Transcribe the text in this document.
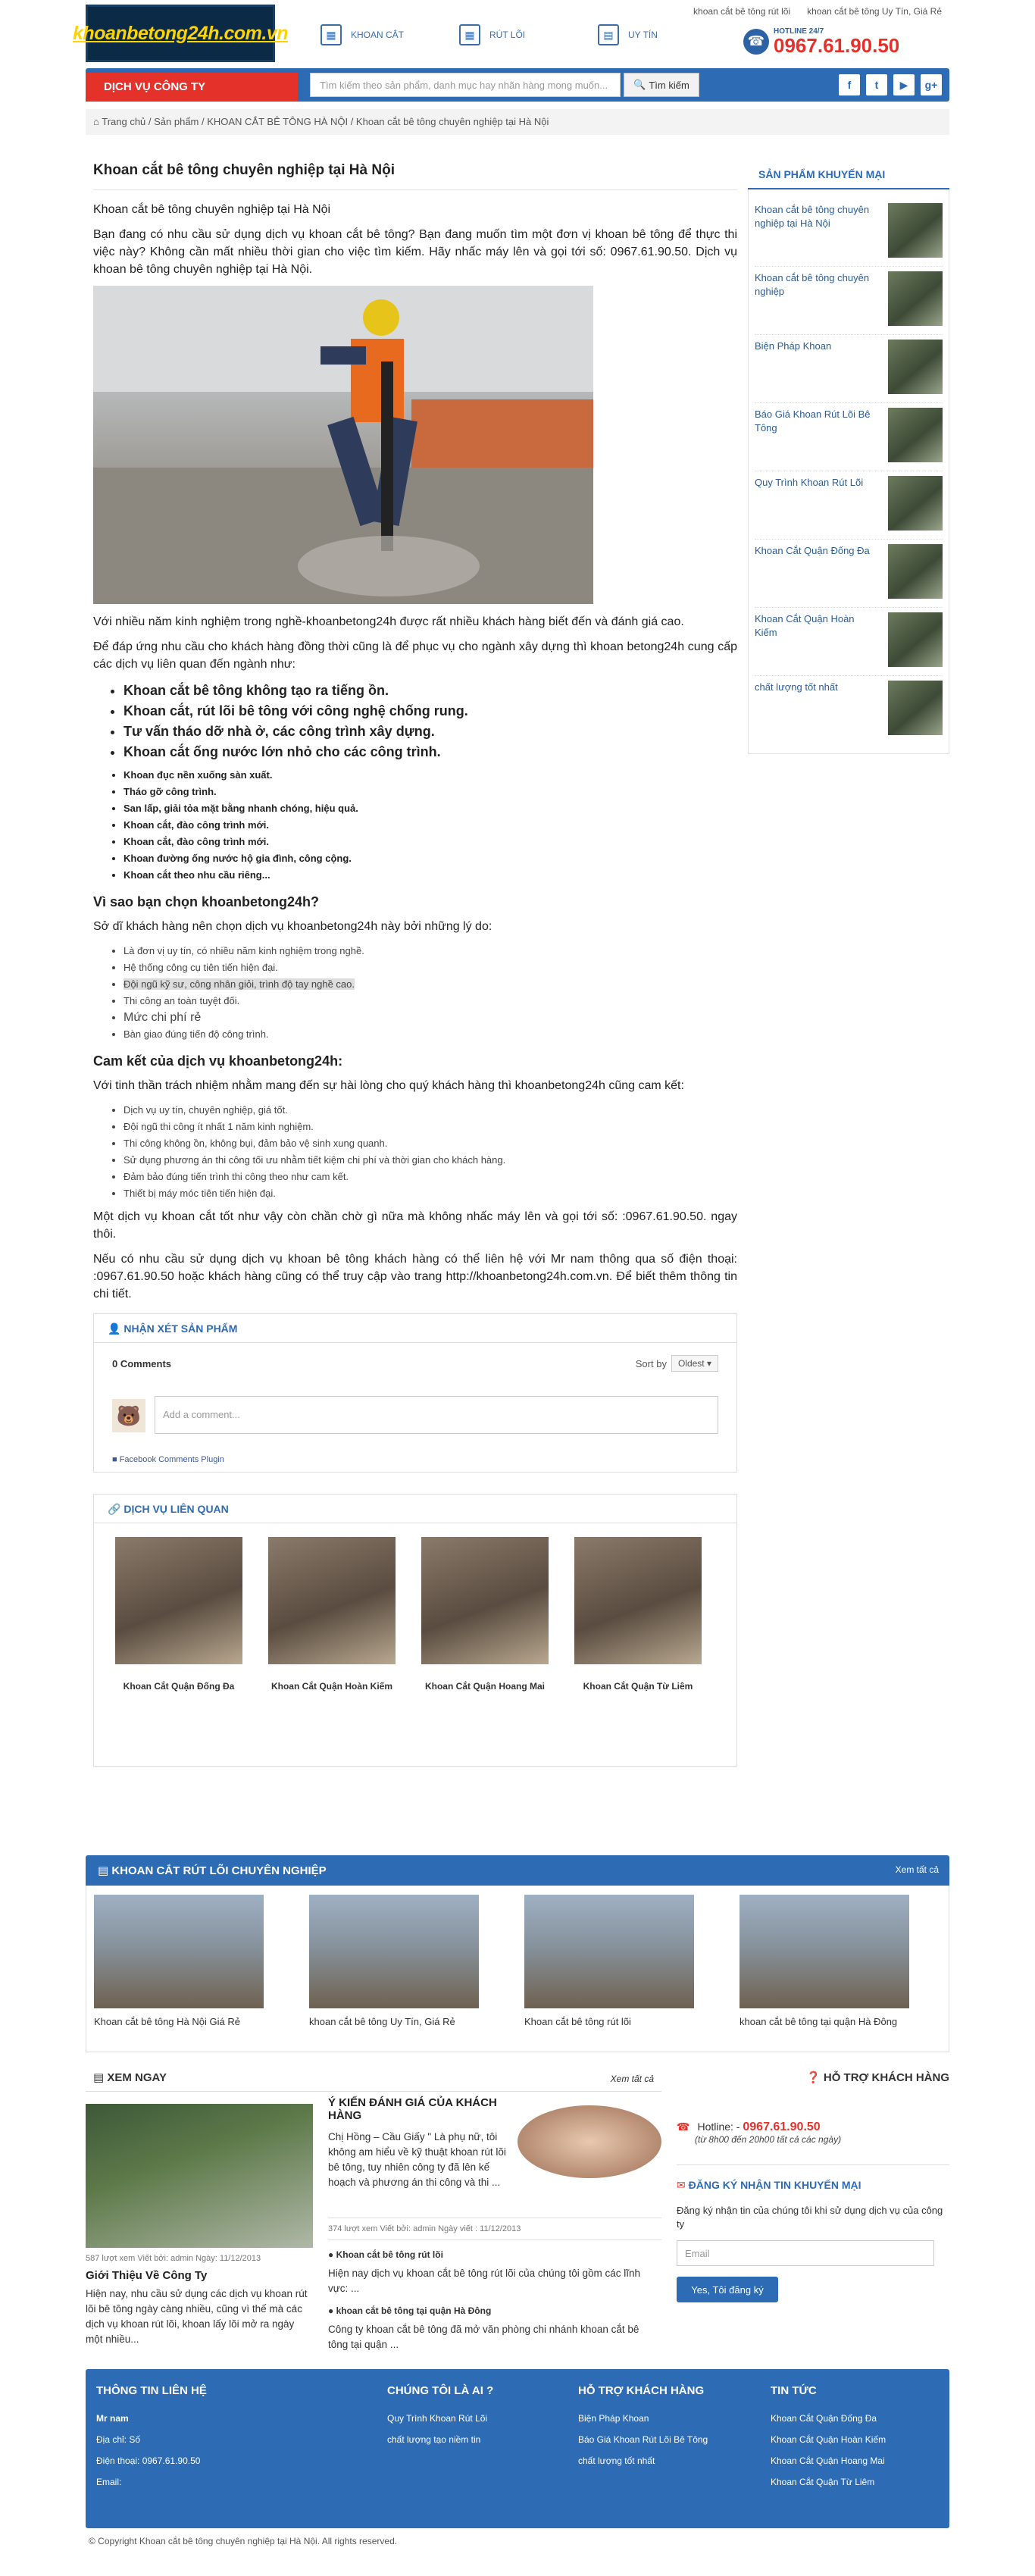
khoanbetong24h.com.vn	▦	KHOAN CẮT	▦	RÚT LÕI	▤	UY TÍN
khoan cắt bê tông rút lõi khoan cắt bê tông Uy Tín, Giá Rẻ
☎
HOTLINE 24/7
0967.61.90.50
DỊCH VỤ CÔNG TY	Tìm kiếm theo sản phẩm, danh mục hay nhãn hàng mong muốn...	🔍 Tìm kiếm	f	t	▶	g+
⌂ Trang chủ / Sản phẩm / KHOAN CẮT BÊ TÔNG HÀ NỘI / Khoan cắt bê tông chuyên nghiệp tại Hà Nội
Khoan cắt bê tông chuyên nghiệp tại Hà Nội

Khoan cắt bê tông chuyên nghiệp tại Hà Nội

Bạn đang có nhu cầu sử dụng dịch vụ khoan cắt bê tông? Bạn đang muốn tìm một đơn vị khoan bê tông để thực thi việc này? Không cần mất nhiều thời gian cho việc tìm kiếm. Hãy nhấc máy lên và gọi tới số: 0967.61.90.50. Dịch vụ khoan bê tông chuyên nghiệp tại Hà Nội.

Với nhiều năm kinh nghiệm trong nghề-khoanbetong24h được rất nhiều khách hàng biết đến và đánh giá cao.

Để đáp ứng nhu cầu cho khách hàng đồng thời cũng là để phục vụ cho ngành xây dựng thì khoan betong24h cung cấp các dịch vụ liên quan đến ngành như:

• Khoan cắt bê tông không tạo ra tiếng ồn.
• Khoan cắt, rút lõi bê tông với công nghệ chống rung.
• Tư vấn tháo dỡ nhà ở, các công trình xây dựng.
• Khoan cắt ống nước lớn nhỏ cho các công trình.
• Khoan đục nền xuống sàn xuất.
• Tháo gỡ công trình.
• San lấp, giải tỏa mặt bằng nhanh chóng, hiệu quả.
• Khoan cắt, đào công trình mới.
• Khoan cắt, đào công trình mới.
• Khoan đường ống nước hộ gia đình, công cộng.
• Khoan cắt theo nhu cầu riêng...
Vì sao bạn chọn khoanbetong24h?

Sở dĩ khách hàng nên chọn dịch vụ khoanbetong24h này bởi những lý do:

• Là đơn vị uy tín, có nhiều năm kinh nghiệm trong nghề.
• Hệ thống công cụ tiên tiến hiện đại.
• Đội ngũ kỹ sư, công nhân giỏi, trình độ tay nghề cao.
• Thi công an toàn tuyệt đối.
• Mức chi phí rẻ
• Bàn giao đúng tiến độ công trình.
Cam kết của dịch vụ khoanbetong24h:

Với tinh thần trách nhiệm nhằm mang đến sự hài lòng cho quý khách hàng thì khoanbetong24h cũng cam kết:

• Dịch vụ uy tín, chuyên nghiệp, giá tốt.
• Đội ngũ thi công ít nhất 1 năm kinh nghiệm.
• Thi công không ồn, không bụi, đảm bảo vệ sinh xung quanh.
• Sử dụng phương án thi công tối ưu nhằm tiết kiệm chi phí và thời gian cho khách hàng.
• Đảm bảo đúng tiến trình thi công theo như cam kết.
• Thiết bị máy móc tiên tiến hiện đại.

Một dịch vụ khoan cắt tốt như vậy còn chần chờ gì nữa mà không nhấc máy lên và gọi tới số: :0967.61.90.50. ngay thôi.

Nếu có nhu cầu sử dụng dịch vụ khoan bê tông khách hàng có thể liên hệ với Mr nam thông qua số điện thoại: :0967.61.90.50 hoặc khách hàng cũng có thể truy cập vào trang http://khoanbetong24h.com.vn. Để biết thêm thông tin chi tiết.

👤 NHẬN XÉT SẢN PHẨM
0 Comments	Sort by	Oldest ▾
🐻	Add a comment...
■ Facebook Comments Plugin
🔗 DỊCH VỤ LIÊN QUAN
Khoan Cắt Quận Đống Đa	Khoan Cắt Quận Hoàn Kiếm	Khoan Cắt Quận Hoang Mai	Khoan Cắt Quận Từ Liêm
SẢN PHẨM KHUYẾN MẠI
Khoan cắt bê tông chuyên nghiệp tại Hà Nội
Khoan cắt bê tông chuyên nghiệp
Biện Pháp Khoan
Báo Giá Khoan Rút Lõi Bê Tông
Quy Trình Khoan Rút Lõi
Khoan Cắt Quận Đống Đa
Khoan Cắt Quận Hoàn Kiếm
chất lượng tốt nhất
▤ KHOAN CẮT RÚT LÕI CHUYÊN NGHIỆP	Xem tất cả
Khoan cắt bê tông Hà Nội Giá Rẻ	khoan cắt bê tông Uy Tín, Giá Rẻ	Khoan cắt bê tông rút lõi	khoan cắt bê tông tại quận Hà Đông
▤ XEM NGAY	Xem tất cả
587 lượt xem Viết bởi: admin Ngày: 11/12/2013
Giới Thiệu Về Công Ty
Hiện nay, nhu cầu sử dụng các dịch vụ khoan rút lõi bê tông ngày càng nhiều, cũng vì thế mà các dịch vụ khoan rút lõi, khoan lấy lõi mở ra ngày một nhiều...
Ý KIẾN ĐÁNH GIÁ CỦA KHÁCH HÀNG
Chị Hồng – Cầu Giấy " Là phụ nữ, tôi không am hiểu về kỹ thuật khoan rút lõi bê tông, tuy nhiên công ty đã lên kế hoạch và phương án thi công và thi ...
374 lượt xem Viết bởi: admin Ngày viết : 11/12/2013
● Khoan cắt bê tông rút lõi
Hiện nay dịch vụ khoan cắt bê tông rút lõi của chúng tôi gồm các lĩnh vực: ...
● khoan cắt bê tông tại quận Hà Đông
Công ty khoan cắt bê tông đã mở văn phòng chi nhánh khoan cắt bê tông tại quận ...
❓ HỖ TRỢ KHÁCH HÀNG
☎ Hotline: - 0967.61.90.50
(từ 8h00 đến 20h00 tất cả các ngày)
✉ ĐĂNG KÝ NHẬN TIN KHUYẾN MẠI
Đăng ký nhận tin của chúng tôi khi sử dụng dịch vụ của công ty
Email
Yes, Tôi đăng ký
THÔNG TIN LIÊN HỆ
Mr nam
Địa chỉ: Số
Điện thoại: 0967.61.90.50
Email:
CHÚNG TÔI LÀ AI ?
Quy Trình Khoan Rút Lõi
chất lượng tạo niềm tin
HỖ TRỢ KHÁCH HÀNG
Biện Pháp Khoan
Báo Giá Khoan Rút Lõi Bê Tông
chất lượng tốt nhất
TIN TỨC
Khoan Cắt Quận Đống Đa
Khoan Cắt Quận Hoàn Kiếm
Khoan Cắt Quận Hoang Mai
Khoan Cắt Quận Từ Liêm
© Copyright Khoan cắt bê tông chuyên nghiệp tại Hà Nội. All rights reserved.
